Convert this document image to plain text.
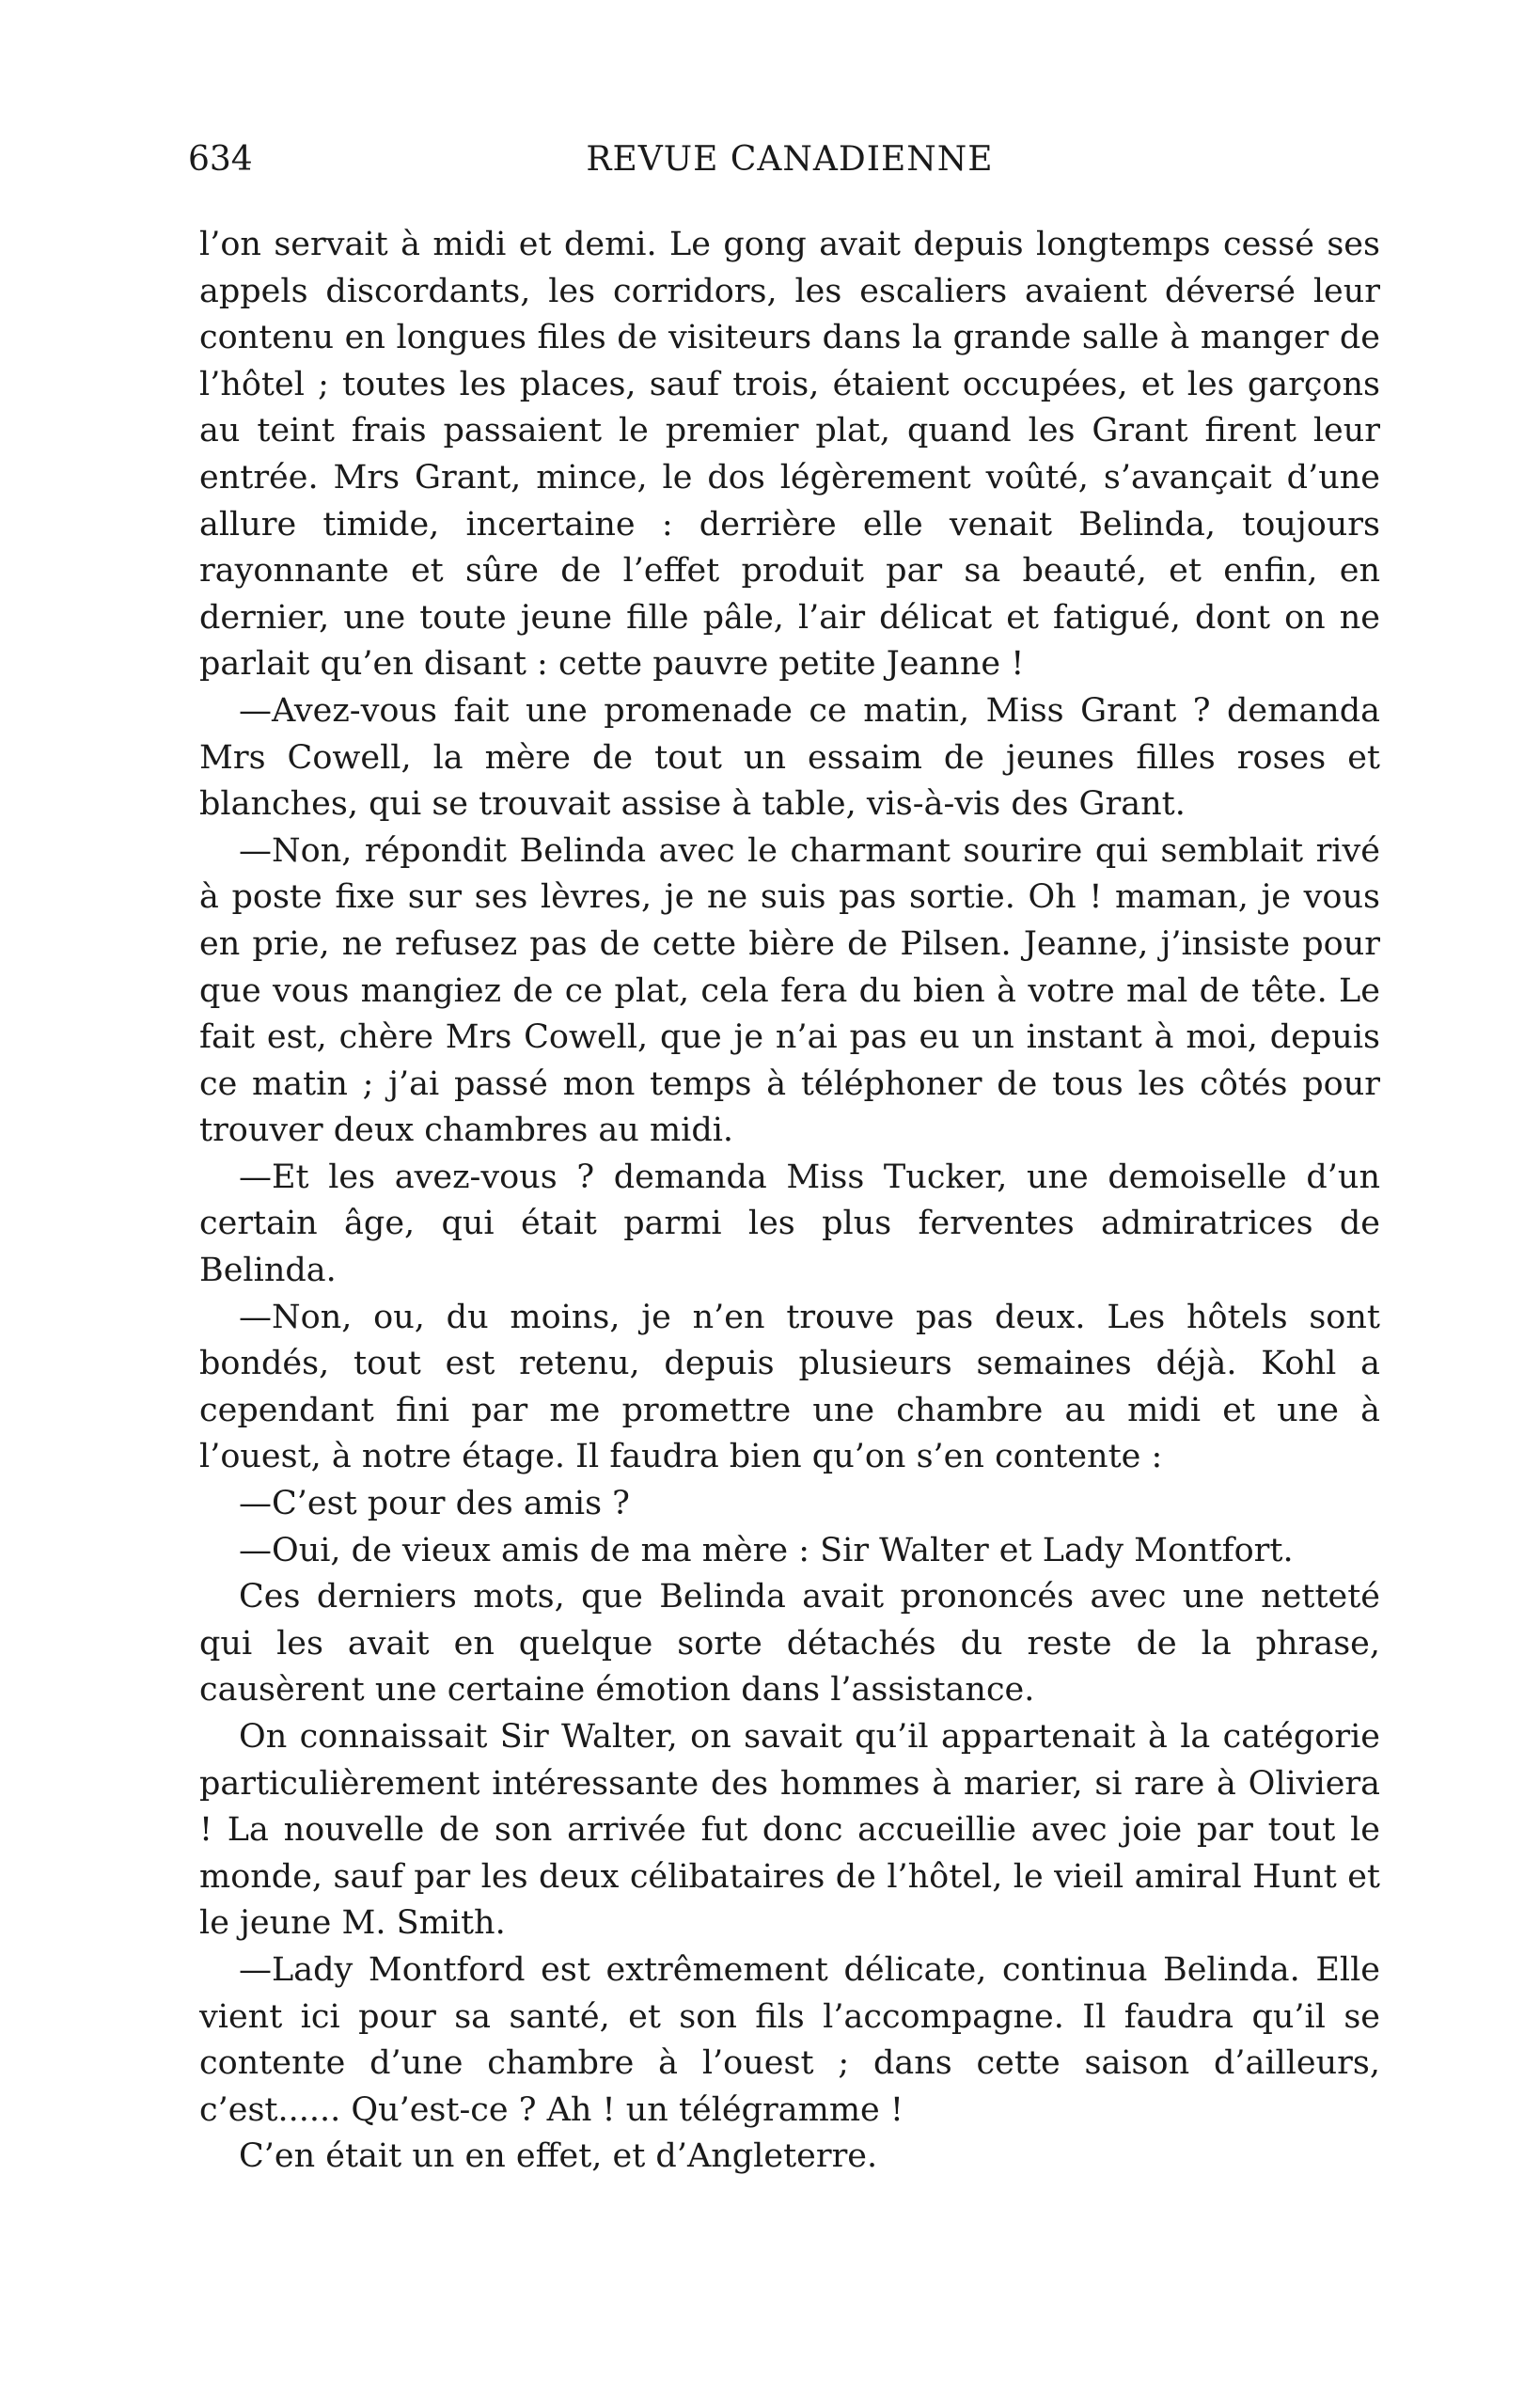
634	REVUE CANADIENNE

l’on servait à midi et demi. Le gong avait depuis longtemps cessé ses appels discordants, les corridors, les escaliers avaient déversé leur contenu en longues files de visiteurs dans la grande salle à manger de l’hôtel ; toutes les places, sauf trois, étaient occupées, et les garçons au teint frais passaient le premier plat, quand les Grant firent leur entrée. Mrs Grant, mince, le dos légèrement voûté, s’avançait d’une allure timide, incertaine : derrière elle venait Belinda, toujours rayonnante et sûre de l’effet produit par sa beauté, et enfin, en dernier, une toute jeune fille pâle, l’air délicat et fatigué, dont on ne parlait qu’en disant : cette pauvre petite Jeanne !

—Avez-vous fait une promenade ce matin, Miss Grant ? demanda Mrs Cowell, la mère de tout un essaim de jeunes filles roses et blanches, qui se trouvait assise à table, vis-à-vis des Grant.

—Non, répondit Belinda avec le charmant sourire qui semblait rivé à poste fixe sur ses lèvres, je ne suis pas sortie. Oh ! maman, je vous en prie, ne refusez pas de cette bière de Pilsen. Jeanne, j’insiste pour que vous mangiez de ce plat, cela fera du bien à votre mal de tête. Le fait est, chère Mrs Cowell, que je n’ai pas eu un instant à moi, depuis ce matin ; j’ai passé mon temps à téléphoner de tous les côtés pour trouver deux chambres au midi.

—Et les avez-vous ? demanda Miss Tucker, une demoiselle d’un certain âge, qui était parmi les plus ferventes admiratrices de Belinda.

—Non, ou, du moins, je n’en trouve pas deux. Les hôtels sont bondés, tout est retenu, depuis plusieurs semaines déjà. Kohl a cependant fini par me promettre une chambre au midi et une à l’ouest, à notre étage. Il faudra bien qu’on s’en contente :

—C’est pour des amis ?

—Oui, de vieux amis de ma mère : Sir Walter et Lady Montfort.

Ces derniers mots, que Belinda avait prononcés avec une netteté qui les avait en quelque sorte détachés du reste de la phrase, causèrent une certaine émotion dans l’assistance.

On connaissait Sir Walter, on savait qu’il appartenait à la catégorie particulièrement intéressante des hommes à marier, si rare à Oliviera ! La nouvelle de son arrivée fut donc accueillie avec joie par tout le monde, sauf par les deux célibataires de l’hôtel, le vieil amiral Hunt et le jeune M. Smith.

—Lady Montford est extrêmement délicate, continua Belinda. Elle vient ici pour sa santé, et son fils l’accompagne. Il faudra qu’il se contente d’une chambre à l’ouest ; dans cette saison d’ailleurs, c’est...... Qu’est-ce ? Ah ! un télégramme !

C’en était un en effet, et d’Angleterre.
